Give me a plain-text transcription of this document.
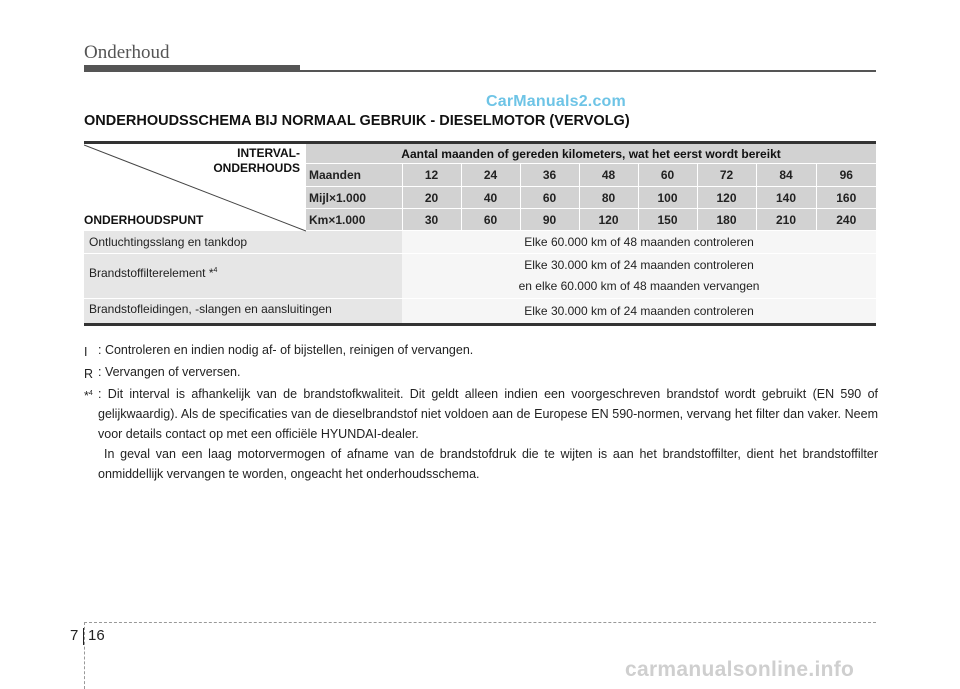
Onderhoud
CarManuals2.com
ONDERHOUDSSCHEMA BIJ NORMAAL GEBRUIK - DIESELMOTOR (VERVOLG)
INTERVAL-
ONDERHOUDS
ONDERHOUDSPUNT	Aantal maanden of gereden kilometers, wat het eerst wordt bereikt								
	Maanden	12	24	36	48	60	72	84	96
	Mijl×1.000	20	40	60	80	100	120	140	160
	Km×1.000	30	60	90	120	150	180	210	240
Ontluchtingsslang en tankdop		Elke 60.000 km of 48 maanden controleren							

Brandstoffilterelement *$^4$		Elke 30.000 km of 24 maanden controleren
en elke 60.000 km of 48 maanden vervangen							

Brandstofleidingen, -slangen en aansluitingen		Elke 30.000 km of 24 maanden controleren							
I : Controleren en indien nodig af- of bijstellen, reinigen of vervangen.
R : Vervangen of verversen.
*$^4$ : Dit interval is afhankelijk van de brandstofkwaliteit. Dit geldt alleen indien een voorgeschreven brandstof wordt gebruikt (EN 590 of gelijkwaardig). Als de specificaties van de dieselbrandstof niet voldoen aan de Europese EN 590-normen, vervang het filter dan vaker. Neem voor details contact op met een officiële HYUNDAI-dealer.

In geval van een laag motorvermogen of afname van de brandstofdruk die te wijten is aan het brandstoffilter, dient het brandstoffilter onmiddellijk vervangen te worden, ongeacht het onderhoudsschema.

7 16
carmanualsonline.info
